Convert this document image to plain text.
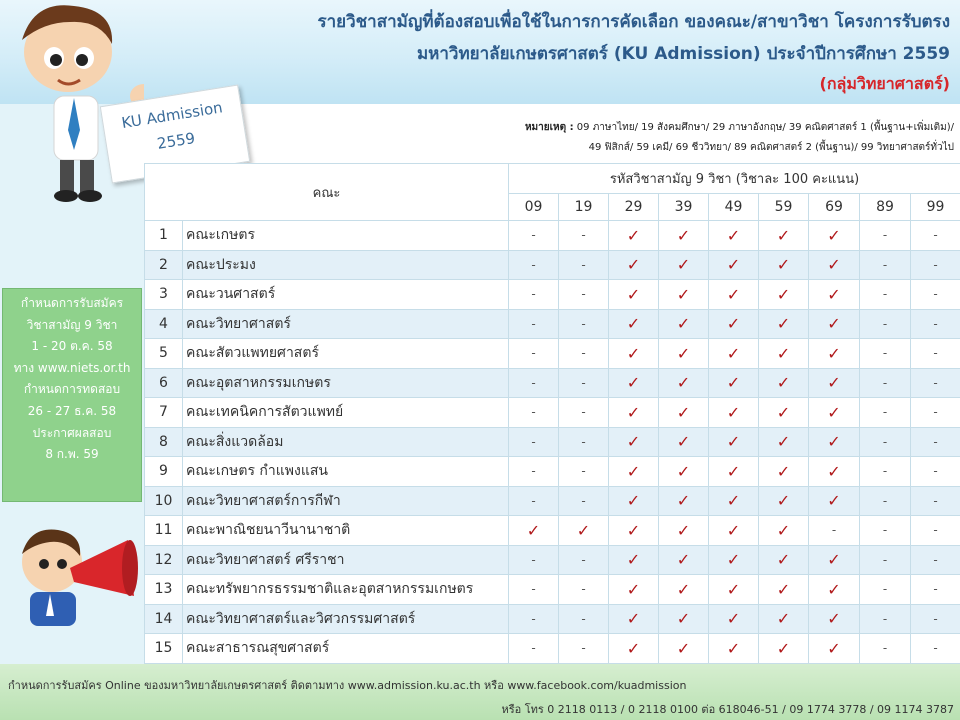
รายวิชาสามัญที่ต้องสอบเพื่อใช้ในการการคัดเลือก ของคณะ/สาขาวิชา โครงการรับตรง
มหาวิทยาลัยเกษตรศาสตร์ (KU Admission) ประจำปีการศึกษา 2559
(กลุ่มวิทยาศาสตร์)
KU Admission
2559
หมายเหตุ : 09 ภาษาไทย/ 19 สังคมศึกษา/ 29 ภาษาอังกฤษ/ 39 คณิตศาสตร์ 1 (พื้นฐาน+เพิ่มเติม)/
49 ฟิสิกส์/ 59 เคมี/ 69 ชีววิทยา/ 89 คณิตศาสตร์ 2 (พื้นฐาน)/ 99 วิทยาศาสตร์ทั่วไป
กำหนดการรับสมัคร
วิชาสามัญ 9 วิชา
1 - 20 ต.ค. 58
ทาง www.niets.or.th
กำหนดการทดสอบ
26 - 27 ธ.ค. 58
ประกาศผลสอบ
8 ก.พ. 59
คณะ		รหัสวิชาสามัญ 9 วิชา (วิชาละ 100 คะแนน)								
		09	19	29	39	49	59	69	89	99
1	คณะเกษตร	-	-	✓	✓	✓	✓	✓	-	-
2	คณะประมง	-	-	✓	✓	✓	✓	✓	-	-
3	คณะวนศาสตร์	-	-	✓	✓	✓	✓	✓	-	-
4	คณะวิทยาศาสตร์	-	-	✓	✓	✓	✓	✓	-	-
5	คณะสัตวแพทยศาสตร์	-	-	✓	✓	✓	✓	✓	-	-
6	คณะอุตสาหกรรมเกษตร	-	-	✓	✓	✓	✓	✓	-	-
7	คณะเทคนิคการสัตวแพทย์	-	-	✓	✓	✓	✓	✓	-	-
8	คณะสิ่งแวดล้อม	-	-	✓	✓	✓	✓	✓	-	-
9	คณะเกษตร กำแพงแสน	-	-	✓	✓	✓	✓	✓	-	-
10	คณะวิทยาศาสตร์การกีฬา	-	-	✓	✓	✓	✓	✓	-	-
11	คณะพาณิชยนาวีนานาชาติ	✓	✓	✓	✓	✓	✓	-	-	-
12	คณะวิทยาศาสตร์ ศรีราชา	-	-	✓	✓	✓	✓	✓	-	-
13	คณะทรัพยากรธรรมชาติและอุตสาหกรรมเกษตร	-	-	✓	✓	✓	✓	✓	-	-
14	คณะวิทยาศาสตร์และวิศวกรรมศาสตร์	-	-	✓	✓	✓	✓	✓	-	-
15	คณะสาธารณสุขศาสตร์	-	-	✓	✓	✓	✓	✓	-	-
กำหนดการรับสมัคร Online ของมหาวิทยาลัยเกษตรศาสตร์ ติดตามทาง www.admission.ku.ac.th หรือ www.facebook.com/kuadmission
หรือ โทร 0 2118 0113 / 0 2118 0100 ต่อ 618046-51 / 09 1774 3778 / 09 1174 3787
